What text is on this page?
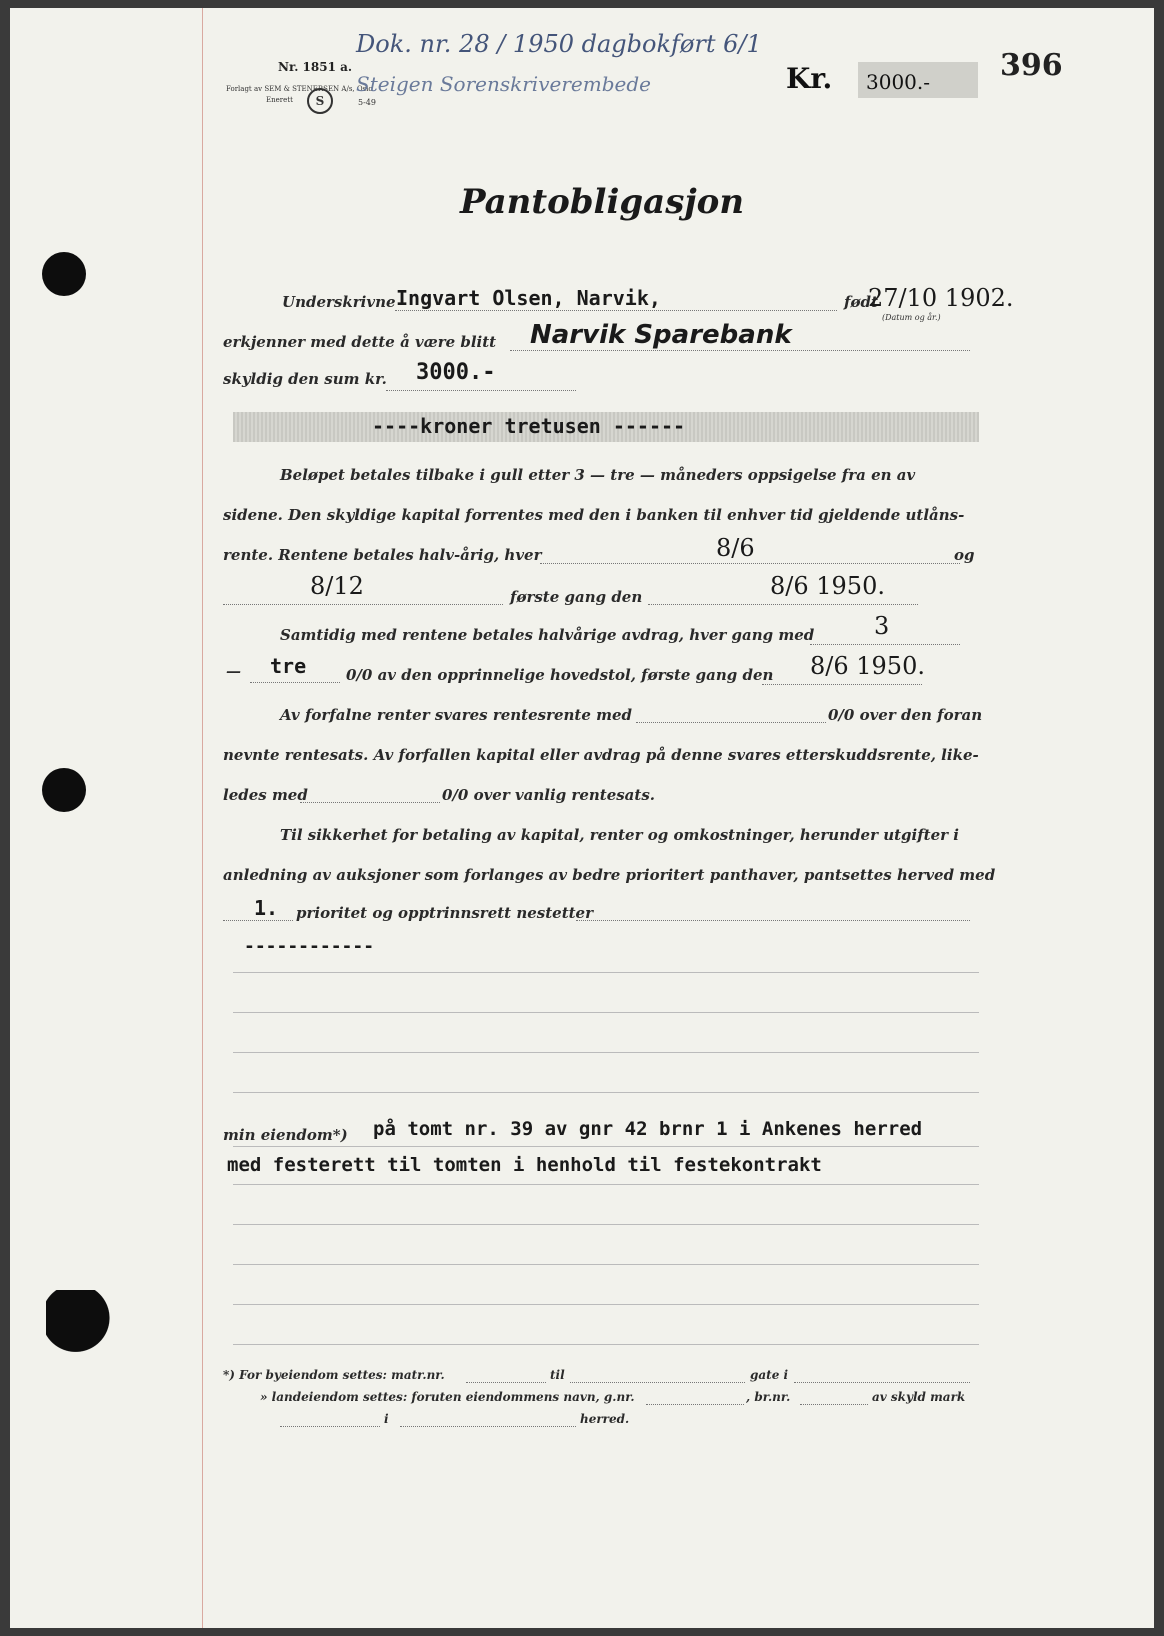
Nr. 1851 a.
Forlagt av SEM & STENERSEN A/s, Oslo
Enerett	S	5-49
Dok. nr. 28 / 1950 dagbokført 6/1
Steigen Sorenskriverembede	Kr. 3000.- 396
Pantobligasjon
Underskrivne Ingvart Olsen, Narvik,	født
27/10 1902.
(Datum og år.)
erkjenner med dette å være blitt Narvik Sparebank
skyldig den sum kr. 3000.-
----kroner tretusen ------
Beløpet betales tilbake i gull etter 3 — tre — måneders oppsigelse fra en av
sidene. Den skyldige kapital forrentes med den i banken til enhver tid gjeldende utlåns-
rente. Rentene betales halv-årig, hver	8/6	og
8/12	første gang den	8/6 1950.
Samtidig med rentene betales halvårige avdrag, hver gang med 3
— tre	0/0 av den opprinnelige hovedstol, første gang den 8/6 1950.
Av forfalne renter svares rentesrente med	0/0 over den foran
nevnte rentesats. Av forfallen kapital eller avdrag på denne svares etterskuddsrente, like-
ledes med	0/0 over vanlig rentesats.
Til sikkerhet for betaling av kapital, renter og omkostninger, herunder utgifter i
anledning av auksjoner som forlanges av bedre prioritert panthaver, pantsettes herved med
1. prioritet og opptrinnsrett nestetter
------------
min eiendom*) på tomt nr. 39 av gnr 42 brnr 1 i Ankenes herred
med festerett til tomten i henhold til festekontrakt
*) For byeiendom settes: matr.nr.	til	gate i
» landeiendom settes: foruten eiendommens navn, g.nr.	, br.nr.	av skyld mark
i	herred.
